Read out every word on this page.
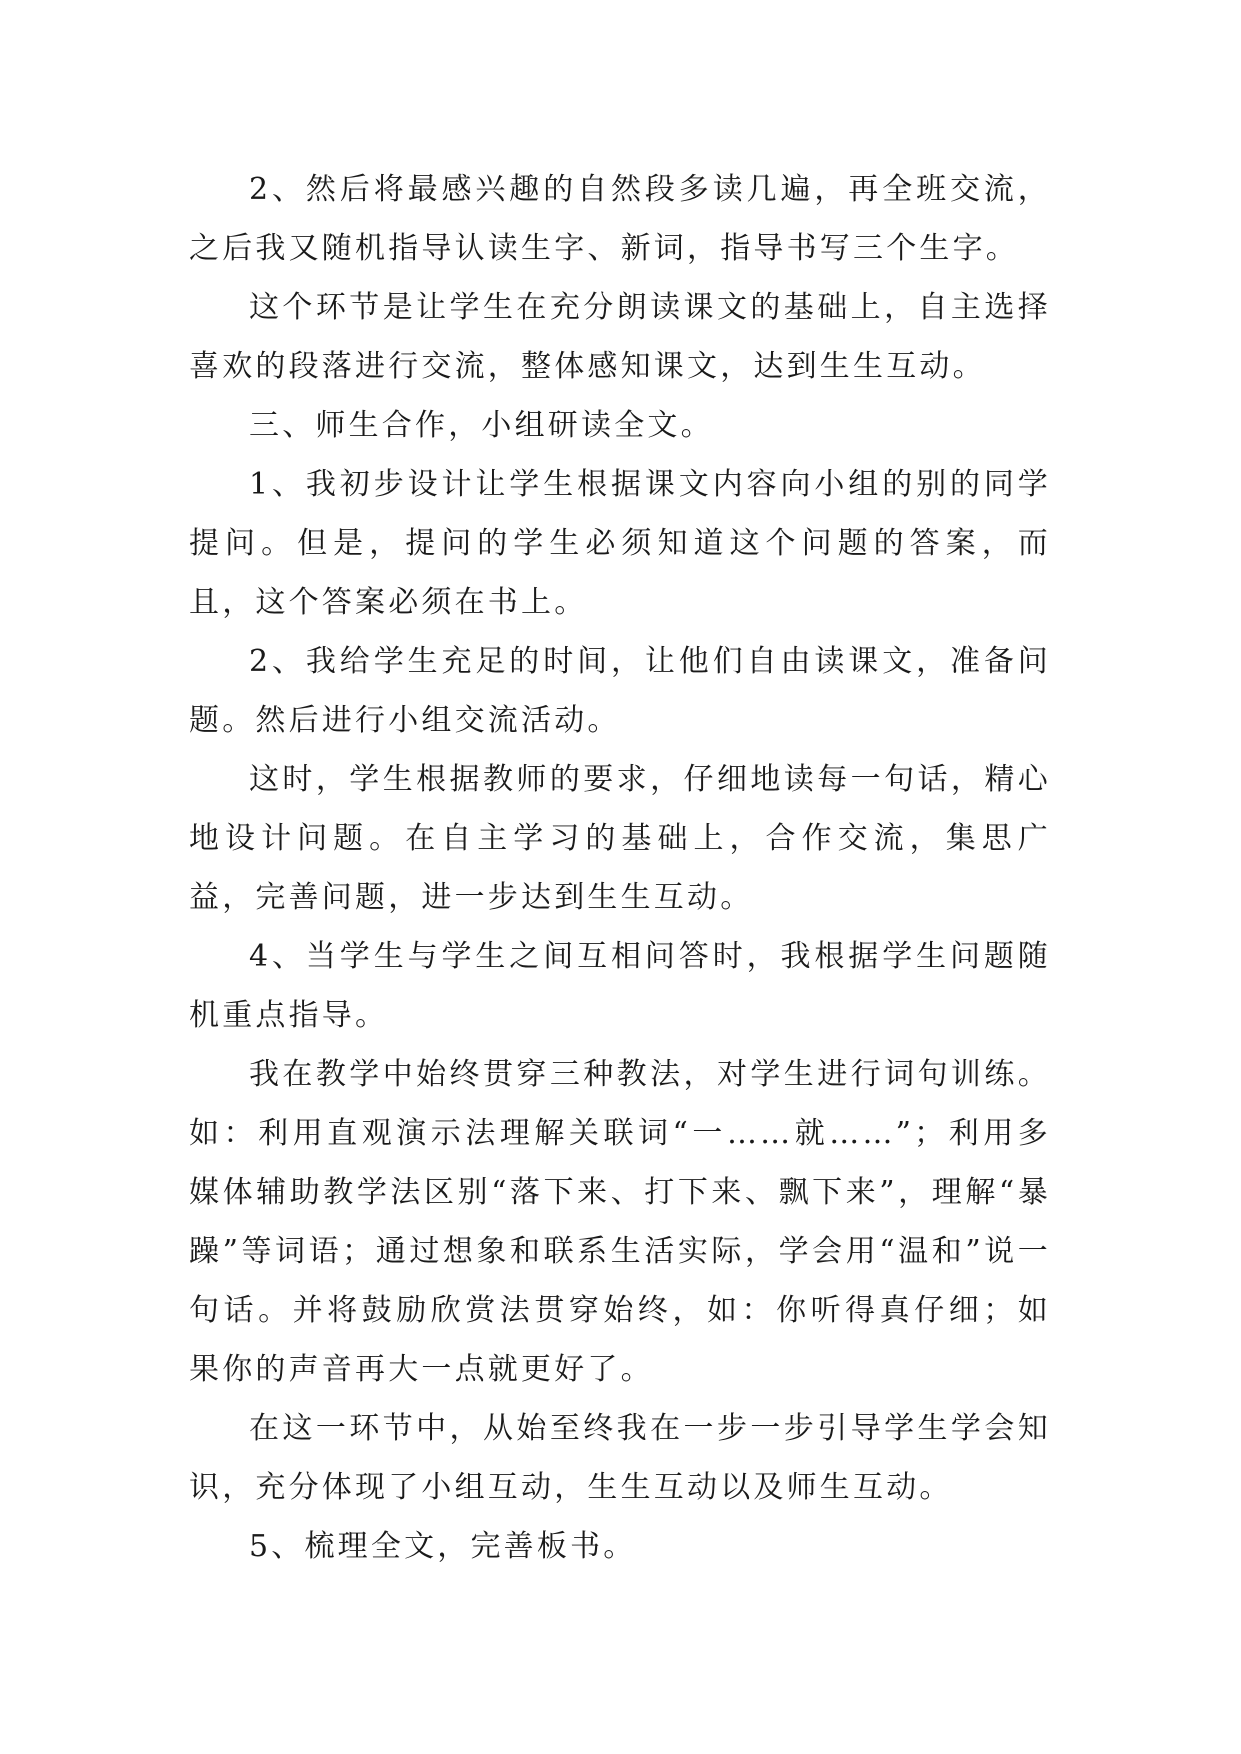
2、然后将最感兴趣的自然段多读几遍，再全班交流，之后我又随机指导认读生字、新词，指导书写三个生字。

这个环节是让学生在充分朗读课文的基础上，自主选择喜欢的段落进行交流，整体感知课文，达到生生互动。

三、师生合作，小组研读全文。

1、我初步设计让学生根据课文内容向小组的别的同学提问。但是，提问的学生必须知道这个问题的答案，而且，这个答案必须在书上。

2、我给学生充足的时间，让他们自由读课文，准备问题。然后进行小组交流活动。

这时，学生根据教师的要求，仔细地读每一句话，精心地设计问题。在自主学习的基础上，合作交流，集思广益，完善问题，进一步达到生生互动。

4、当学生与学生之间互相问答时，我根据学生问题随机重点指导。

我在教学中始终贯穿三种教法，对学生进行词句训练。如：利用直观演示法理解关联词“一……就……”；利用多媒体辅助教学法区别“落下来、打下来、飘下来”，理解“暴躁”等词语；通过想象和联系生活实际，学会用“温和”说一句话。并将鼓励欣赏法贯穿始终，如：你听得真仔细；如果你的声音再大一点就更好了。

在这一环节中，从始至终我在一步一步引导学生学会知识，充分体现了小组互动，生生互动以及师生互动。

5、梳理全文，完善板书。
